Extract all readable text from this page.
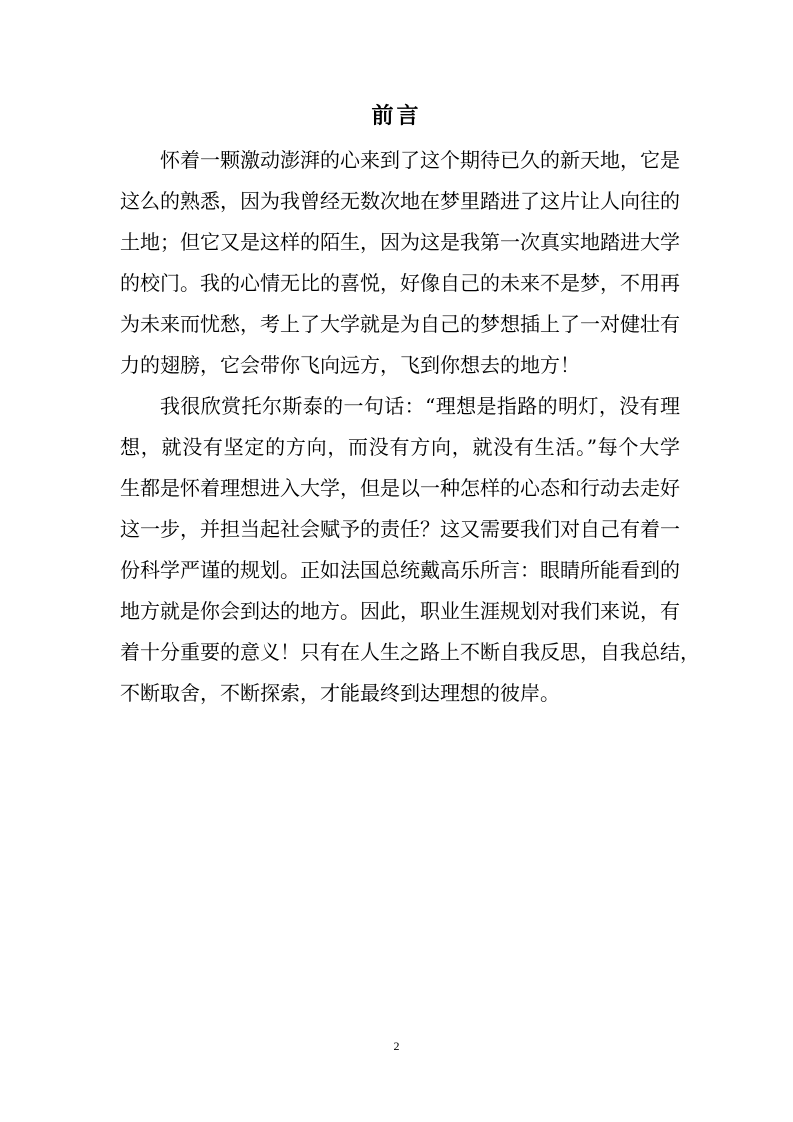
前言
怀着一颗激动澎湃的心来到了这个期待已久的新天地，它是
这么的熟悉，因为我曾经无数次地在梦里踏进了这片让人向往的
土地；但它又是这样的陌生，因为这是我第一次真实地踏进大学
的校门。我的心情无比的喜悦，好像自己的未来不是梦，不用再
为未来而忧愁，考上了大学就是为自己的梦想插上了一对健壮有
力的翅膀，它会带你飞向远方，飞到你想去的地方！
我很欣赏托尔斯泰的一句话：“理想是指路的明灯，没有理
想，就没有坚定的方向，而没有方向，就没有生活。”每个大学
生都是怀着理想进入大学，但是以一种怎样的心态和行动去走好
这一步，并担当起社会赋予的责任？这又需要我们对自己有着一
份科学严谨的规划。正如法国总统戴高乐所言：眼睛所能看到的
地方就是你会到达的地方。因此，职业生涯规划对我们来说，有
着十分重要的意义！只有在人生之路上不断自我反思，自我总结，
不断取舍，不断探索，才能最终到达理想的彼岸。
2
